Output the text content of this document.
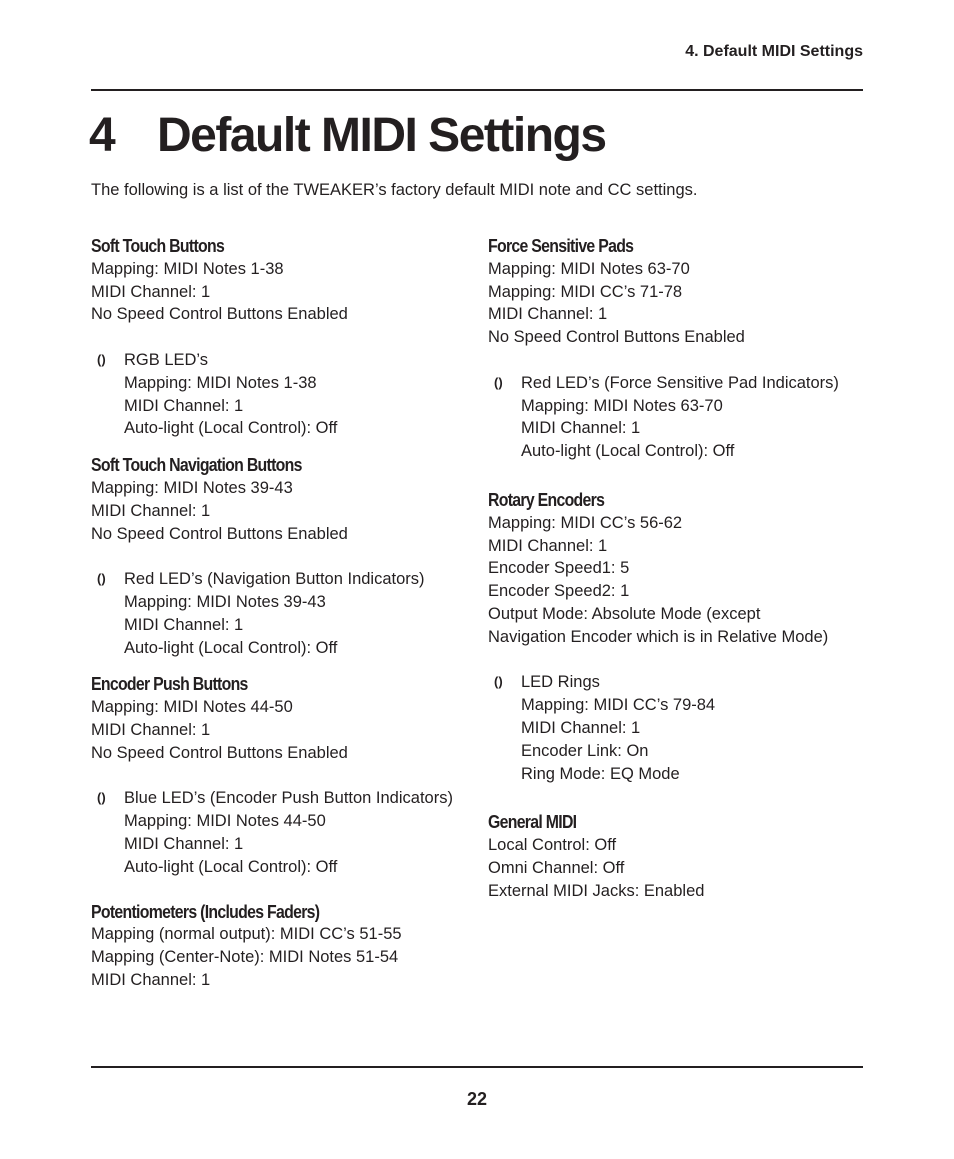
4. Default MIDI Settings
4 Default MIDI Settings
The following is a list of the TWEAKER’s factory default MIDI note and CC settings.
Soft Touch Buttons
Mapping: MIDI Notes 1-38
MIDI Channel: 1
No Speed Control Buttons Enabled
() RGB LED’s
Mapping: MIDI Notes 1-38
MIDI Channel: 1
Auto-light (Local Control): Off
Soft Touch Navigation Buttons
Mapping: MIDI Notes 39-43
MIDI Channel: 1
No Speed Control Buttons Enabled
() Red LED’s (Navigation Button Indicators)
Mapping: MIDI Notes 39-43
MIDI Channel: 1
Auto-light (Local Control): Off
Encoder Push Buttons
Mapping: MIDI Notes 44-50
MIDI Channel: 1
No Speed Control Buttons Enabled
() Blue LED’s (Encoder Push Button Indicators)
Mapping: MIDI Notes 44-50
MIDI Channel: 1
Auto-light (Local Control): Off
Potentiometers (Includes Faders)
Mapping (normal output): MIDI CC’s 51-55
Mapping (Center-Note): MIDI Notes 51-54
MIDI Channel: 1
Force Sensitive Pads
Mapping: MIDI Notes 63-70
Mapping: MIDI CC’s 71-78
MIDI Channel: 1
No Speed Control Buttons Enabled
() Red LED’s (Force Sensitive Pad Indicators)
Mapping: MIDI Notes 63-70
MIDI Channel: 1
Auto-light (Local Control): Off
Rotary Encoders
Mapping: MIDI CC’s 56-62
MIDI Channel: 1
Encoder Speed1: 5
Encoder Speed2: 1
Output Mode: Absolute Mode (except
Navigation Encoder which is in Relative Mode)
() LED Rings
Mapping: MIDI CC’s 79-84
MIDI Channel: 1
Encoder Link: On
Ring Mode: EQ Mode
General MIDI
Local Control: Off
Omni Channel: Off
External MIDI Jacks: Enabled
22
